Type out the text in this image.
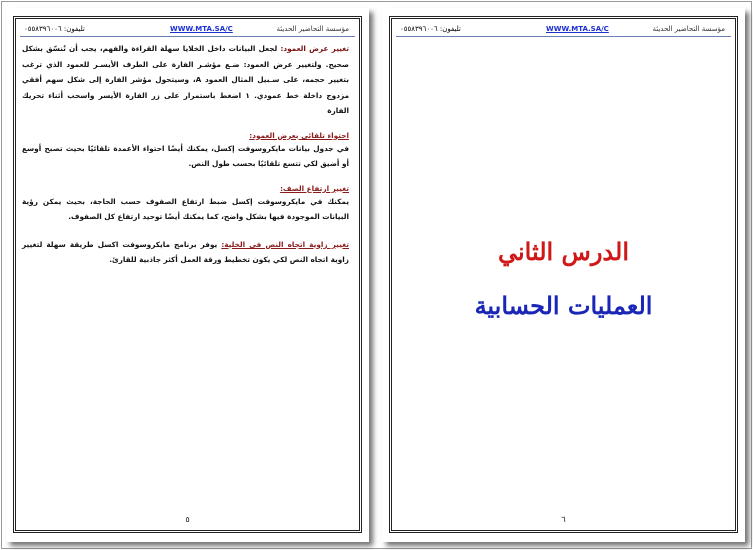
تليفون: ٠٥٥٨٣٩٦٠٠٦	WWW.MTA.SA/C	مؤسسة التحاضير الحديثة

تغيير عرض العمود: لجعل البيانات داخل الخلايا سهلة القراءة والفهم، يجب أن تُنسّق بشكل صحيح. ولتغيير عرض العمود: ضـع مؤشـر الفارة على الطرف الأيسـر للعمود الذي ترغب بتغيير حجمه، على سـبيل المثال العمود A، وسيتحول مؤشر الفارة إلى شكل سهم أفقي مزدوج داخلة خط عمودي. ١ اضغط باستمرار على زر الفارة الأيسر واسحب أثناء تحريك الفارة

احتواء تلقائي بعرض العمود:
في جدول بيانات مايكروسوفت إكسل، يمكنك أيضًا احتواء الأعمدة تلقائيًا بحيث تصبح أوسع أو أضيق لكي تتسع تلقائيًا بحسب طول النص.

تغيير ارتفاع الصف:
يمكنك في مايكروسوفت إكسل ضبط ارتفاع الصفوف حسب الحاجة، بحيث يمكن رؤية البيانات الموجودة فيها بشكل واضح، كما يمكنك أيضًا توحيد ارتفاع كل الصفوف.

تغيير زاوية اتجاه النص في الخلية: يوفر برنامج مايكروسوفت اكسل طريقة سهلة لتغيير زاوية اتجاه النص لكي يكون تخطيط ورقة العمل أكثر جاذبية للقارئ.

٥
تليفون: ٠٥٥٨٣٩٦٠٠٦	WWW.MTA.SA/C	مؤسسة التحاضير الحديثة
الدرس الثاني
العمليات الحسابية
٦
